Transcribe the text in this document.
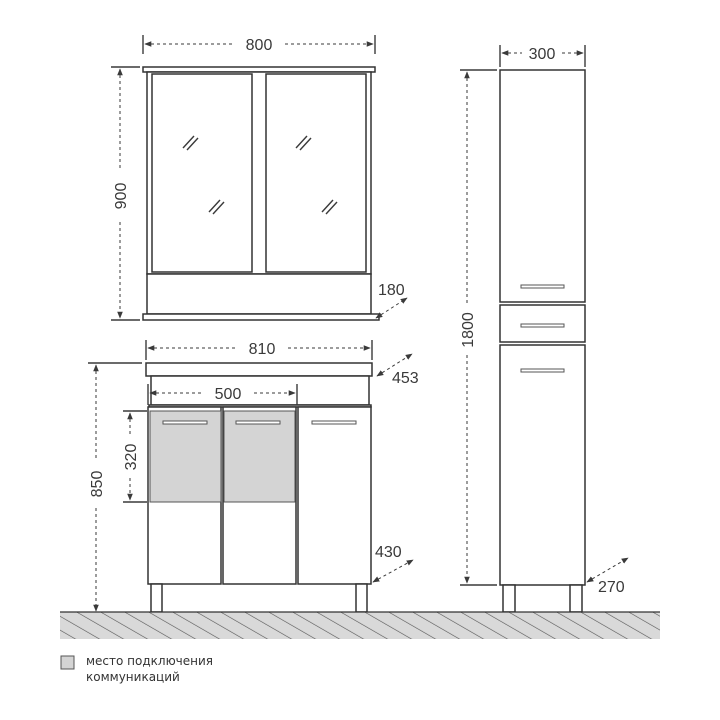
800
900
180
810
453
500
320
850
430
300
1800
270
место подключения
коммуникаций
